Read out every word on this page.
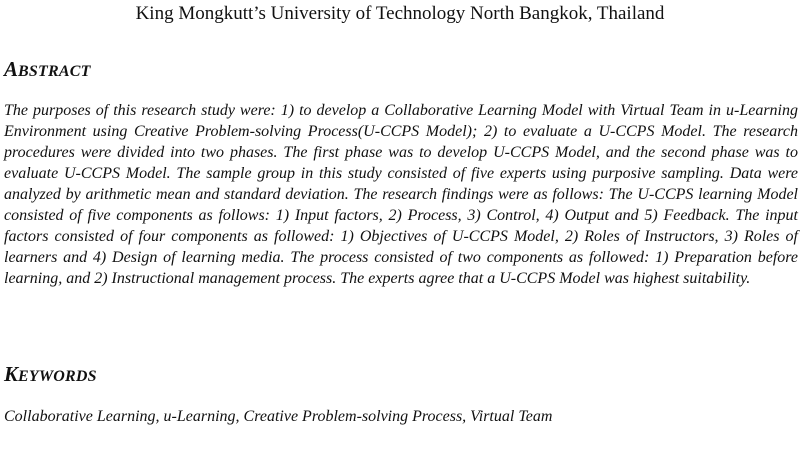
King Mongkutt’s University of Technology North Bangkok, Thailand
ABSTRACT

The purposes of this research study were: 1) to develop a Collaborative Learning Model with Virtual Team in u-Learning Environment using Creative Problem-solving Process(U-CCPS Model); 2) to evaluate a U-CCPS Model. The research procedures were divided into two phases. The first phase was to develop U-CCPS Model, and the second phase was to evaluate U-CCPS Model. The sample group in this study consisted of five experts using purposive sampling. Data were analyzed by arithmetic mean and standard deviation. The research findings were as follows: The U-CCPS learning Model consisted of five components as follows: 1) Input factors, 2) Process, 3) Control, 4) Output and 5) Feedback. The input factors consisted of four components as followed: 1) Objectives of U-CCPS Model, 2) Roles of Instructors, 3) Roles of learners and 4) Design of learning media. The process consisted of two components as followed: 1) Preparation before learning, and 2) Instructional management process. The experts agree that a U-CCPS Model was highest suitability.

KEYWORDS

Collaborative Learning, u-Learning, Creative Problem-solving Process, Virtual Team
